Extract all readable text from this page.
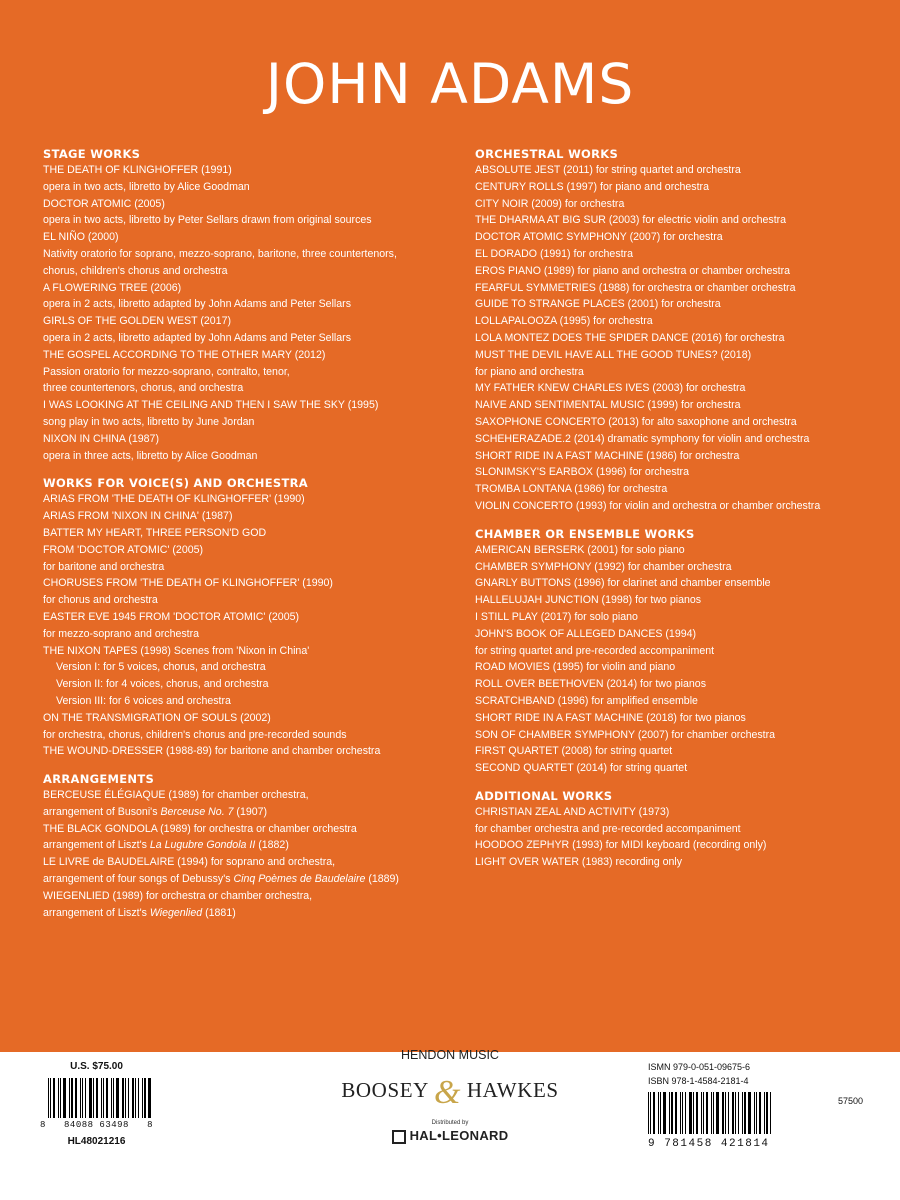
JOHN ADAMS
STAGE WORKS
THE DEATH OF KLINGHOFFER (1991)
opera in two acts, libretto by Alice Goodman
DOCTOR ATOMIC (2005)
opera in two acts, libretto by Peter Sellars drawn from original sources
EL NIÑO (2000)
Nativity oratorio for soprano, mezzo-soprano, baritone, three countertenors,
chorus, children's chorus and orchestra
A FLOWERING TREE (2006)
opera in 2 acts, libretto adapted by John Adams and Peter Sellars
GIRLS OF THE GOLDEN WEST (2017)
opera in 2 acts, libretto adapted by John Adams and Peter Sellars
THE GOSPEL ACCORDING TO THE OTHER MARY (2012)
Passion oratorio for mezzo-soprano, contralto, tenor,
three countertenors, chorus, and orchestra
I WAS LOOKING AT THE CEILING AND THEN I SAW THE SKY (1995)
song play in two acts, libretto by June Jordan
NIXON IN CHINA (1987)
opera in three acts, libretto by Alice Goodman
WORKS FOR VOICE(S) AND ORCHESTRA
ARIAS FROM 'THE DEATH OF KLINGHOFFER' (1990)
ARIAS FROM 'NIXON IN CHINA' (1987)
BATTER MY HEART, THREE PERSON'D GOD
FROM 'DOCTOR ATOMIC' (2005)
for baritone and orchestra
CHORUSES FROM 'THE DEATH OF KLINGHOFFER' (1990)
for chorus and orchestra
EASTER EVE 1945 FROM 'DOCTOR ATOMIC' (2005)
for mezzo-soprano and orchestra
THE NIXON TAPES (1998) Scenes from 'Nixon in China'
Version I: for 5 voices, chorus, and orchestra
Version II: for 4 voices, chorus, and orchestra
Version III: for 6 voices and orchestra
ON THE TRANSMIGRATION OF SOULS (2002)
for orchestra, chorus, children's chorus and pre-recorded sounds
THE WOUND-DRESSER (1988-89) for baritone and chamber orchestra
ARRANGEMENTS
BERCEUSE ÉLÉGIAQUE (1989) for chamber orchestra,
arrangement of Busoni's Berceuse No. 7 (1907)
THE BLACK GONDOLA (1989) for orchestra or chamber orchestra
arrangement of Liszt's La Lugubre Gondola II (1882)
LE LIVRE de BAUDELAIRE (1994) for soprano and orchestra,
arrangement of four songs of Debussy's Cinq Poèmes de Baudelaire (1889)
WIEGENLIED (1989) for orchestra or chamber orchestra,
arrangement of Liszt's Wiegenlied (1881)
ORCHESTRAL WORKS
ABSOLUTE JEST (2011) for string quartet and orchestra
CENTURY ROLLS (1997) for piano and orchestra
CITY NOIR (2009) for orchestra
THE DHARMA AT BIG SUR (2003) for electric violin and orchestra
DOCTOR ATOMIC SYMPHONY (2007) for orchestra
EL DORADO (1991) for orchestra
EROS PIANO (1989) for piano and orchestra or chamber orchestra
FEARFUL SYMMETRIES (1988) for orchestra or chamber orchestra
GUIDE TO STRANGE PLACES (2001) for orchestra
LOLLAPALOOZA (1995) for orchestra
LOLA MONTEZ DOES THE SPIDER DANCE (2016) for orchestra
MUST THE DEVIL HAVE ALL THE GOOD TUNES? (2018)
for piano and orchestra
MY FATHER KNEW CHARLES IVES (2003) for orchestra
NAIVE AND SENTIMENTAL MUSIC (1999) for orchestra
SAXOPHONE CONCERTO (2013) for alto saxophone and orchestra
SCHEHERAZADE.2 (2014) dramatic symphony for violin and orchestra
SHORT RIDE IN A FAST MACHINE (1986) for orchestra
SLONIMSKY'S EARBOX (1996) for orchestra
TROMBA LONTANA (1986) for orchestra
VIOLIN CONCERTO (1993) for violin and orchestra or chamber orchestra
CHAMBER OR ENSEMBLE WORKS
AMERICAN BERSERK (2001) for solo piano
CHAMBER SYMPHONY (1992) for chamber orchestra
GNARLY BUTTONS (1996) for clarinet and chamber ensemble
HALLELUJAH JUNCTION (1998) for two pianos
I STILL PLAY (2017) for solo piano
JOHN'S BOOK OF ALLEGED DANCES (1994)
for string quartet and pre-recorded accompaniment
ROAD MOVIES (1995) for violin and piano
ROLL OVER BEETHOVEN (2014) for two pianos
SCRATCHBAND (1996) for amplified ensemble
SHORT RIDE IN A FAST MACHINE (2018) for two pianos
SON OF CHAMBER SYMPHONY (2007) for chamber orchestra
FIRST QUARTET (2008) for string quartet
SECOND QUARTET (2014) for string quartet
ADDITIONAL WORKS
CHRISTIAN ZEAL AND ACTIVITY (1973)
for chamber orchestra and pre-recorded accompaniment
HOODOO ZEPHYR (1993) for MIDI keyboard (recording only)
LIGHT OVER WATER (1983) recording only
U.S. $75.00
8 84088 63498 8
HL48021216
HENDON MUSIC
BOOSEY & HAWKES
Distributed by
HAL•LEONARD
ISMN 979-0-051-09675-6
ISBN 978-1-4584-2181-4
57500
9 781458 421814
